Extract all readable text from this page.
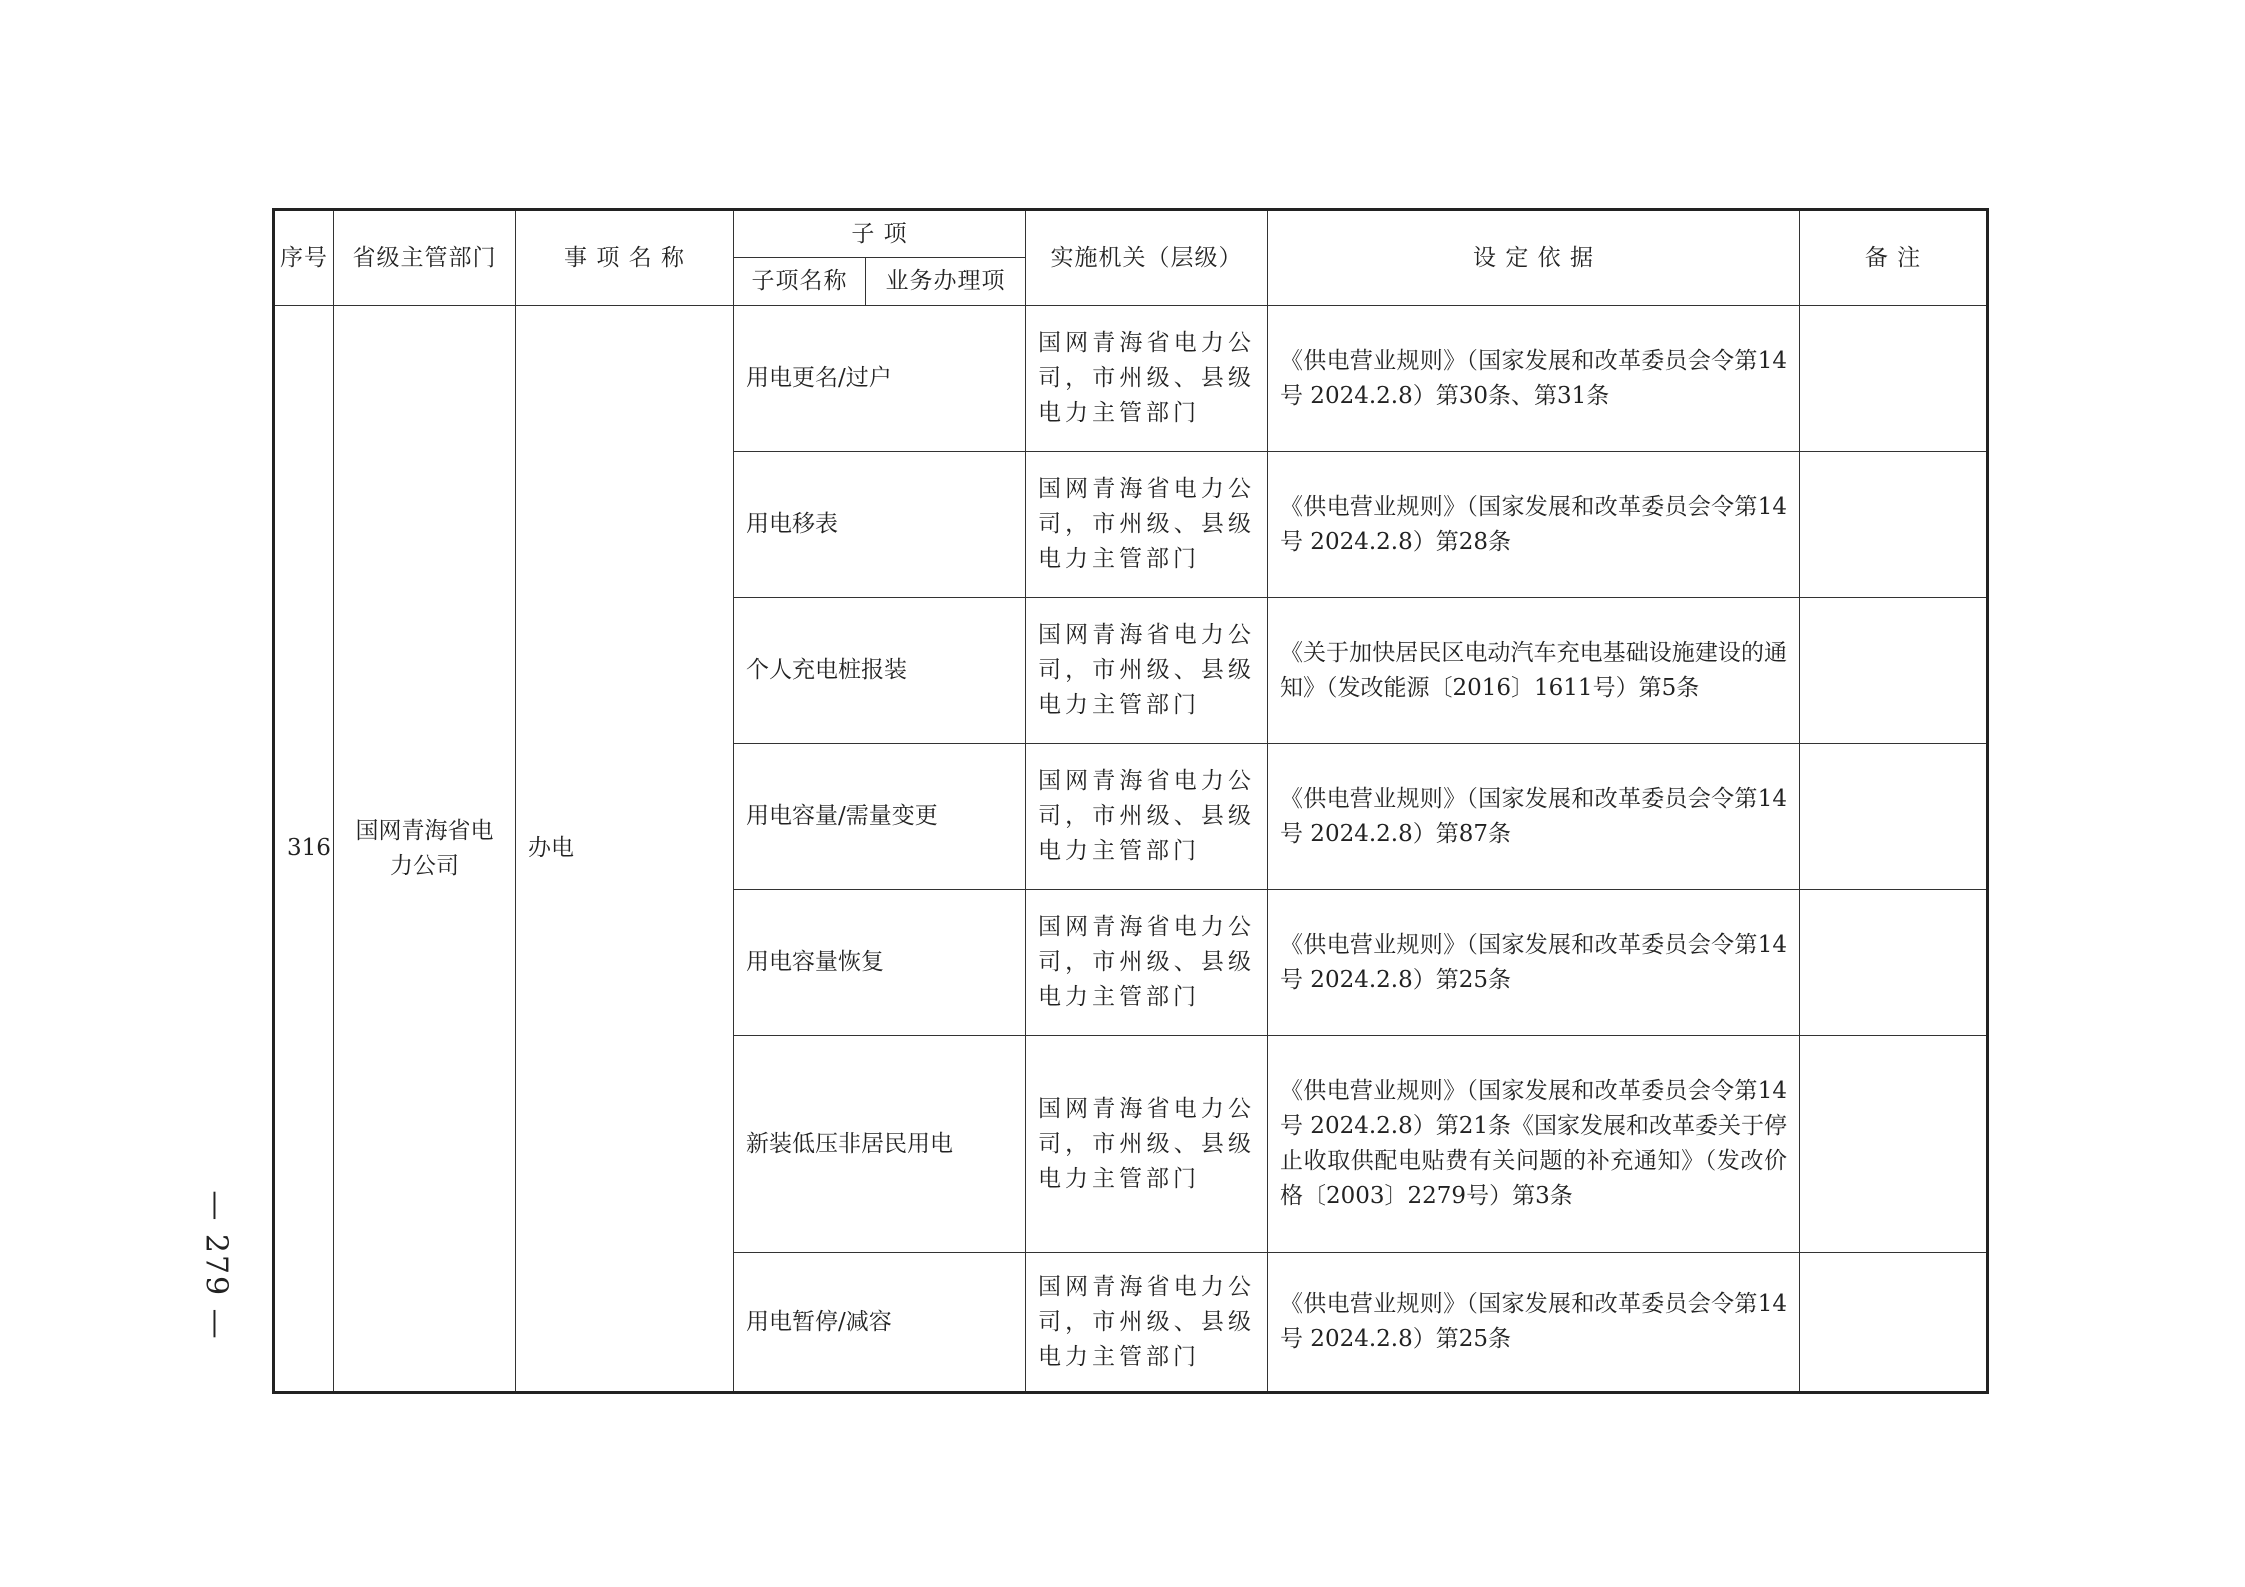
序号	省级主管部门	事 项 名 称	子 项		实施机关（层级）	设 定 依 据	备 注
			子项名称	业务办理项			
316	国网青海省电力公司	办电	用电更名/过户		国网青海省电力公司，市州级、县级电力主管部门	《供电营业规则》（国家发展和改革委员会令第14号 2024.2.8）第30条、第31条	
			用电移表		国网青海省电力公司，市州级、县级电力主管部门	《供电营业规则》（国家发展和改革委员会令第14号 2024.2.8）第28条	
			个人充电桩报装		国网青海省电力公司，市州级、县级电力主管部门	《关于加快居民区电动汽车充电基础设施建设的通知》（发改能源〔2016〕1611号）第5条	
			用电容量/需量变更		国网青海省电力公司，市州级、县级电力主管部门	《供电营业规则》（国家发展和改革委员会令第14号 2024.2.8）第87条	
			用电容量恢复		国网青海省电力公司，市州级、县级电力主管部门	《供电营业规则》（国家发展和改革委员会令第14号 2024.2.8）第25条	
			新装低压非居民用电		国网青海省电力公司，市州级、县级电力主管部门	《供电营业规则》（国家发展和改革委员会令第14号 2024.2.8）第21条《国家发展和改革委关于停止收取供配电贴费有关问题的补充通知》（发改价格〔2003〕2279号）第3条	
			用电暂停/减容		国网青海省电力公司，市州级、县级电力主管部门	《供电营业规则》（国家发展和改革委员会令第14号 2024.2.8）第25条	
— 279 —
